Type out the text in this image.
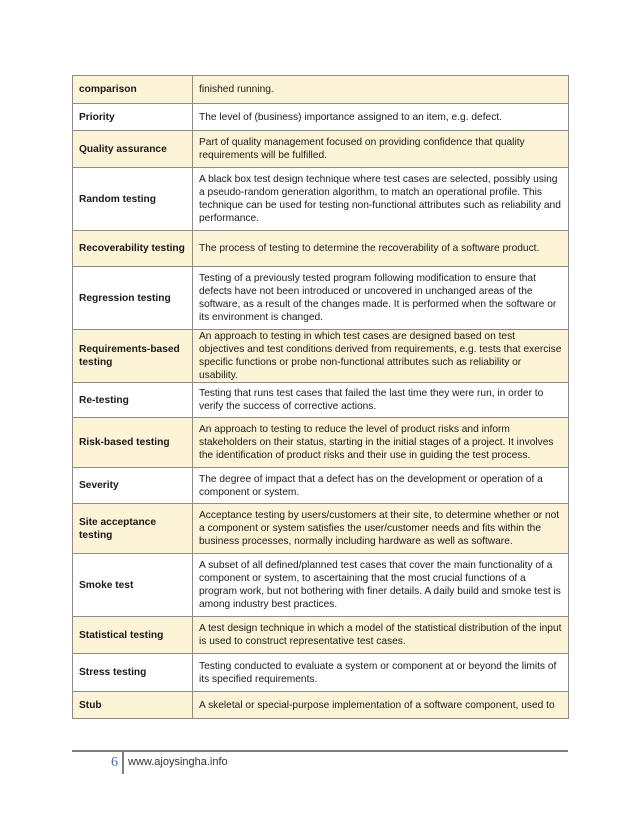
comparison	finished running.
Priority	The level of (business) importance assigned to an item, e.g. defect.
Quality assurance	Part of quality management focused on providing confidence that quality requirements will be fulfilled.
Random testing	A black box test design technique where test cases are selected, possibly using a pseudo-random generation algorithm, to match an operational profile. This technique can be used for testing non-functional attributes such as reliability and performance.
Recoverability testing	The process of testing to determine the recoverability of a software product.
Regression testing	Testing of a previously tested program following modification to ensure that defects have not been introduced or uncovered in unchanged areas of the software, as a result of the changes made. It is performed when the software or its environment is changed.
Requirements-based testing	An approach to testing in which test cases are designed based on test objectives and test conditions derived from requirements, e.g. tests that exercise specific functions or probe non-functional attributes such as reliability or usability.
Re-testing	Testing that runs test cases that failed the last time they were run, in order to verify the success of corrective actions.
Risk-based testing	An approach to testing to reduce the level of product risks and inform stakeholders on their status, starting in the initial stages of a project. It involves the identification of product risks and their use in guiding the test process.
Severity	The degree of impact that a defect has on the development or operation of a component or system.
Site acceptance testing	Acceptance testing by users/customers at their site, to determine whether or not a component or system satisfies the user/customer needs and fits within the business processes, normally including hardware as well as software.
Smoke test	A subset of all defined/planned test cases that cover the main functionality of a component or system, to ascertaining that the most crucial functions of a program work, but not bothering with finer details. A daily build and smoke test is among industry best practices.
Statistical testing	A test design technique in which a model of the statistical distribution of the input is used to construct representative test cases.
Stress testing	Testing conducted to evaluate a system or component at or beyond the limits of its specified requirements.
Stub	A skeletal or special-purpose implementation of a software component, used to
6 www.ajoysingha.info
